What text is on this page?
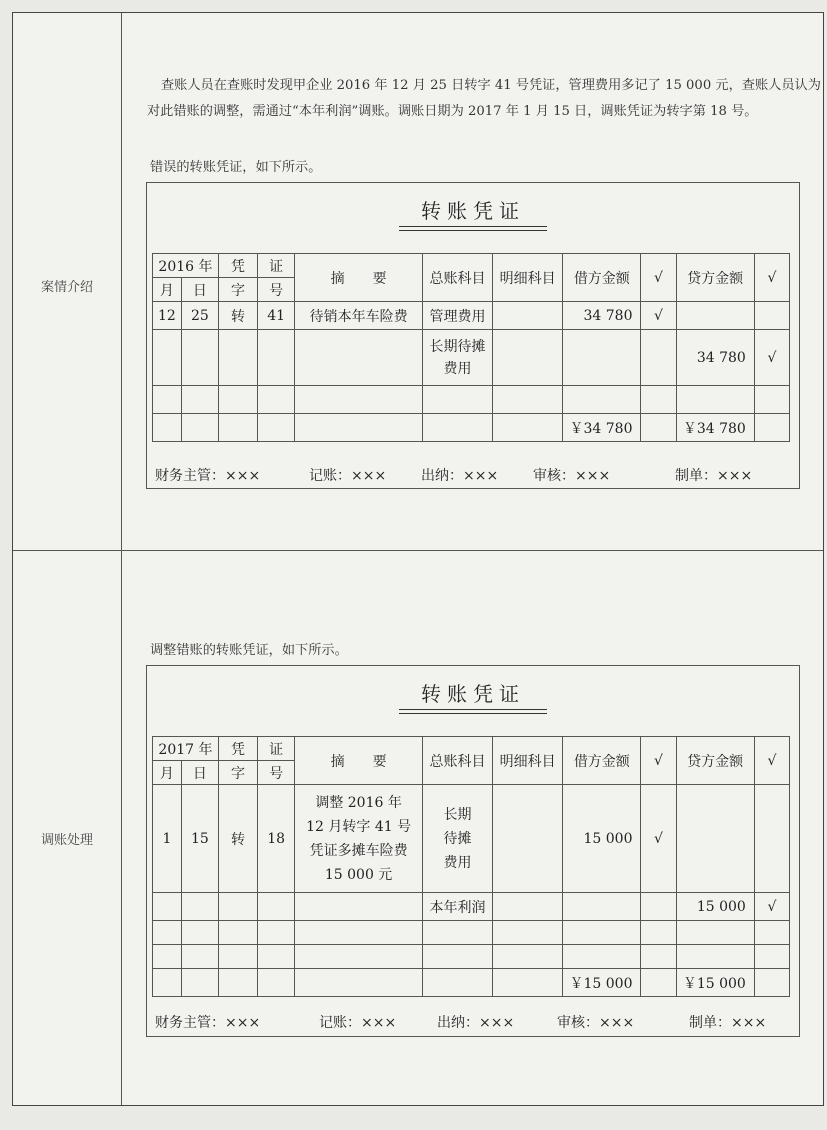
案情介绍
调账处理
查账人员在查账时发现甲企业 2016 年 12 月 25 日转字 41 号凭证，管理费用多记了 15 000 元，查账人员认为对此错账的调整，需通过“本年利润”调账。调账日期为 2017 年 1 月 15 日，调账凭证为转字第 18 号。
错误的转账凭证，如下所示。
转账凭证
2016 年		凭	证	摘　　要	总账科目	明细科目	借方金额	√	贷方金额	√
月	日	字	号							
12	25	转	41	待销本年车险费	管理费用		34 780	√		
					长期待摊费用				34 780	√

							￥34 780		￥34 780	
财务主管：×××	记账：××× 出纳：××× 审核：×××	制单：×××
调整错账的转账凭证，如下所示。
转账凭证
2017 年		凭	证	摘　　要	总账科目	明细科目	借方金额	√	贷方金额	√
月	日	字	号							
1	15	转	18	调整 2016 年 12 月转字 41 号凭证多摊车险费 15 000 元	长期待摊费用		15 000	√		
					本年利润				15 000	√

							￥15 000		￥15 000	
财务主管：×××	记账：×××	出纳：×××	审核：×××	制单：×××
